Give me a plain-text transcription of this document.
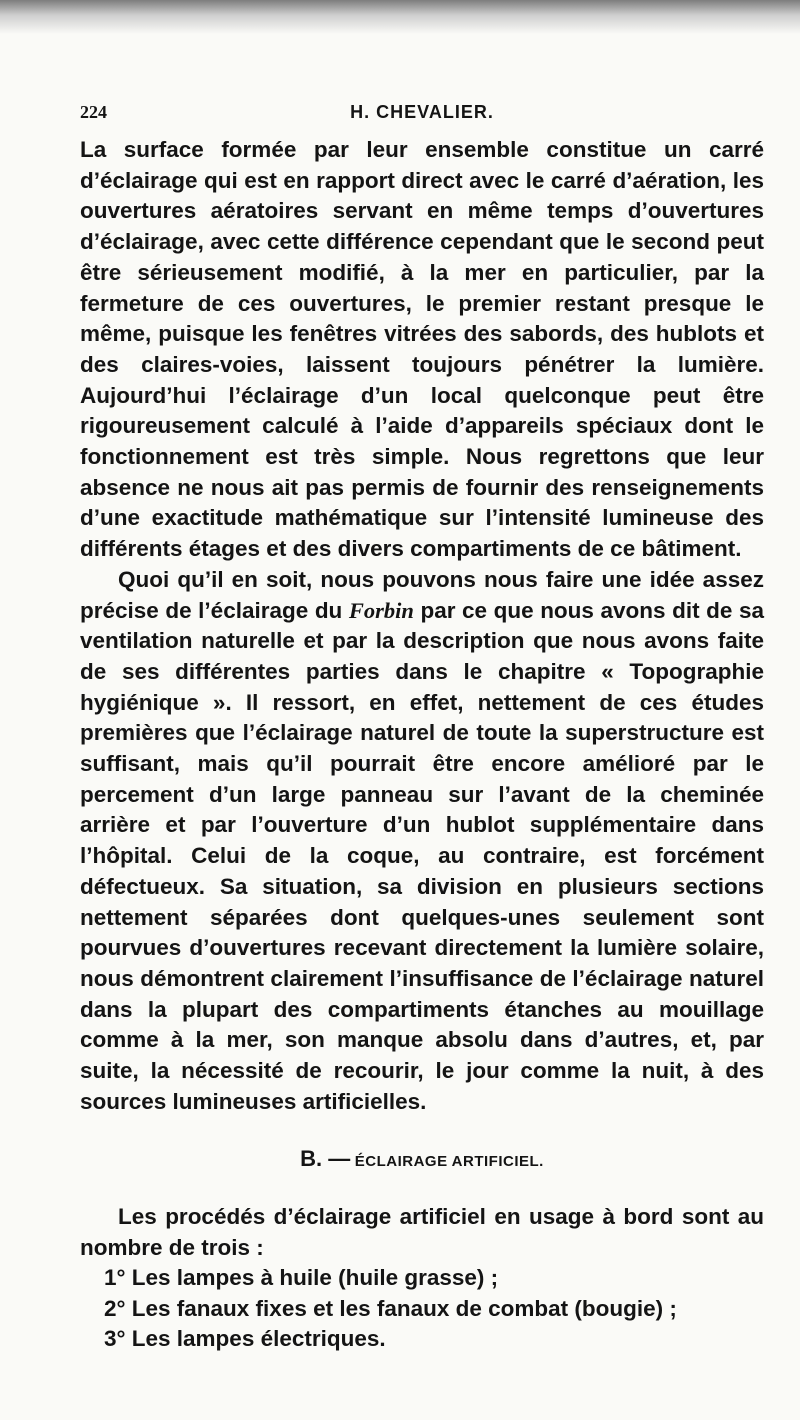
224	H. CHEVALIER.

La surface formée par leur ensemble constitue un carré d’éclairage qui est en rapport direct avec le carré d’aération, les ouvertures aératoires servant en même temps d’ouvertures d’éclairage, avec cette différence cependant que le second peut être sérieusement modifié, à la mer en particulier, par la fermeture de ces ouvertures, le premier restant presque le même, puisque les fenêtres vitrées des sabords, des hublots et des claires-voies, laissent toujours pénétrer la lumière. Aujourd’hui l’éclairage d’un local quelconque peut être rigoureusement calculé à l’aide d’appareils spéciaux dont le fonctionnement est très simple. Nous regrettons que leur absence ne nous ait pas permis de fournir des renseignements d’une exactitude mathématique sur l’intensité lumineuse des différents étages et des divers compartiments de ce bâtiment.

Quoi qu’il en soit, nous pouvons nous faire une idée assez précise de l’éclairage du Forbin par ce que nous avons dit de sa ventilation naturelle et par la description que nous avons faite de ses différentes parties dans le chapitre « Topographie hygiénique ». Il ressort, en effet, nettement de ces études premières que l’éclairage naturel de toute la superstructure est suffisant, mais qu’il pourrait être encore amélioré par le percement d’un large panneau sur l’avant de la cheminée arrière et par l’ouverture d’un hublot supplémentaire dans l’hôpital. Celui de la coque, au contraire, est forcément défectueux. Sa situation, sa division en plusieurs sections nettement séparées dont quelques-unes seulement sont pourvues d’ouvertures recevant directement la lumière solaire, nous démontrent clairement l’insuffisance de l’éclairage naturel dans la plupart des compartiments étanches au mouillage comme à la mer, son manque absolu dans d’autres, et, par suite, la nécessité de recourir, le jour comme la nuit, à des sources lumineuses artificielles.

B. — ÉCLAIRAGE ARTIFICIEL.

Les procédés d’éclairage artificiel en usage à bord sont au nombre de trois :

1° Les lampes à huile (huile grasse) ;

2° Les fanaux fixes et les fanaux de combat (bougie) ;

3° Les lampes électriques.
